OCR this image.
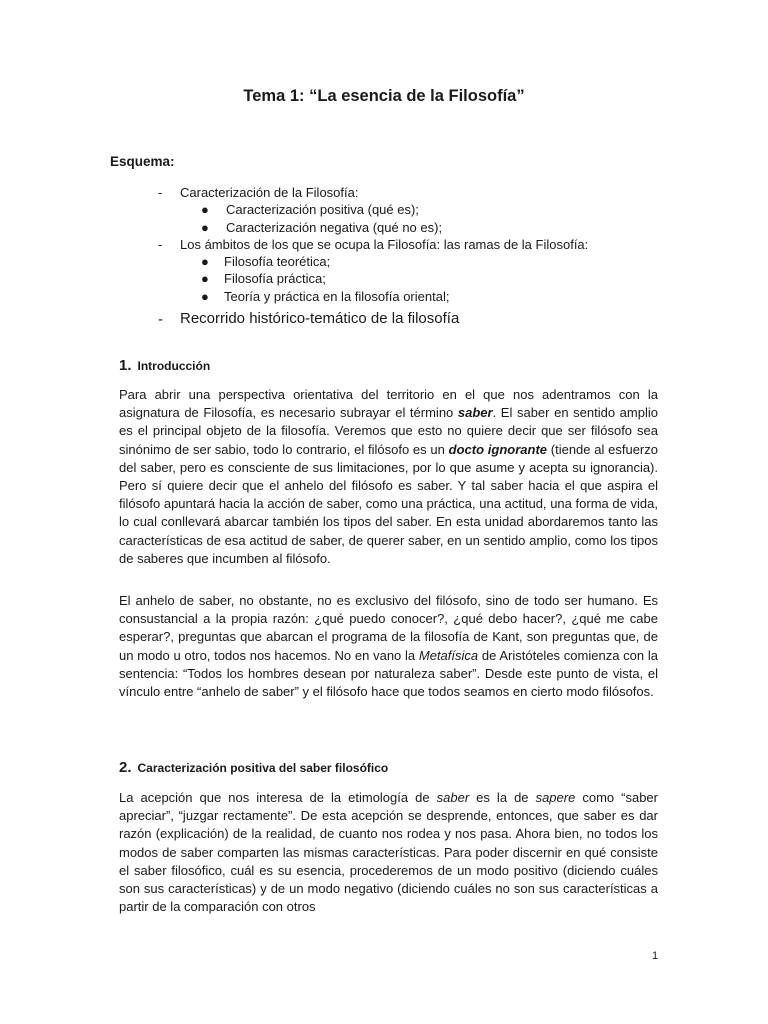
Tema 1: “La esencia de la Filosofía”
Esquema:
- Caracterización de la Filosofía:
● Caracterización positiva (qué es);
● Caracterización negativa (qué no es);
- Los ámbitos de los que se ocupa la Filosofía: las ramas de la Filosofía:
● Filosofía teorética;
● Filosofía práctica;
● Teoría y práctica en la filosofía oriental;
- Recorrido histórico-temático de la filosofía
1. Introducción

Para abrir una perspectiva orientativa del territorio en el que nos adentramos con la asignatura de Filosofía, es necesario subrayar el término saber. El saber en sentido amplio es el principal objeto de la filosofía. Veremos que esto no quiere decir que ser filósofo sea sinónimo de ser sabio, todo lo contrario, el filósofo es un docto ignorante (tiende al esfuerzo del saber, pero es consciente de sus limitaciones, por lo que asume y acepta su ignorancia). Pero sí quiere decir que el anhelo del filósofo es saber. Y tal saber hacia el que aspira el filósofo apuntará hacia la acción de saber, como una práctica, una actitud, una forma de vida, lo cual conllevará abarcar también los tipos del saber. En esta unidad abordaremos tanto las características de esa actitud de saber, de querer saber, en un sentido amplio, como los tipos de saberes que incumben al filósofo.

El anhelo de saber, no obstante, no es exclusivo del filósofo, sino de todo ser humano. Es consustancial a la propia razón: ¿qué puedo conocer?, ¿qué debo hacer?, ¿qué me cabe esperar?, preguntas que abarcan el programa de la filosofía de Kant, son preguntas que, de un modo u otro, todos nos hacemos. No en vano la Metafísica de Aristóteles comienza con la sentencia: “Todos los hombres desean por naturaleza saber”. Desde este punto de vista, el vínculo entre “anhelo de saber” y el filósofo hace que todos seamos en cierto modo filósofos.

2. Caracterización positiva del saber filosófico

La acepción que nos interesa de la etimología de saber es la de sapere como “saber apreciar”, “juzgar rectamente”. De esta acepción se desprende, entonces, que saber es dar razón (explicación) de la realidad, de cuanto nos rodea y nos pasa. Ahora bien, no todos los modos de saber comparten las mismas características. Para poder discernir en qué consiste el saber filosófico, cuál es su esencia, procederemos de un modo positivo (diciendo cuáles son sus características) y de un modo negativo (diciendo cuáles no son sus características a partir de la comparación con otros

1
